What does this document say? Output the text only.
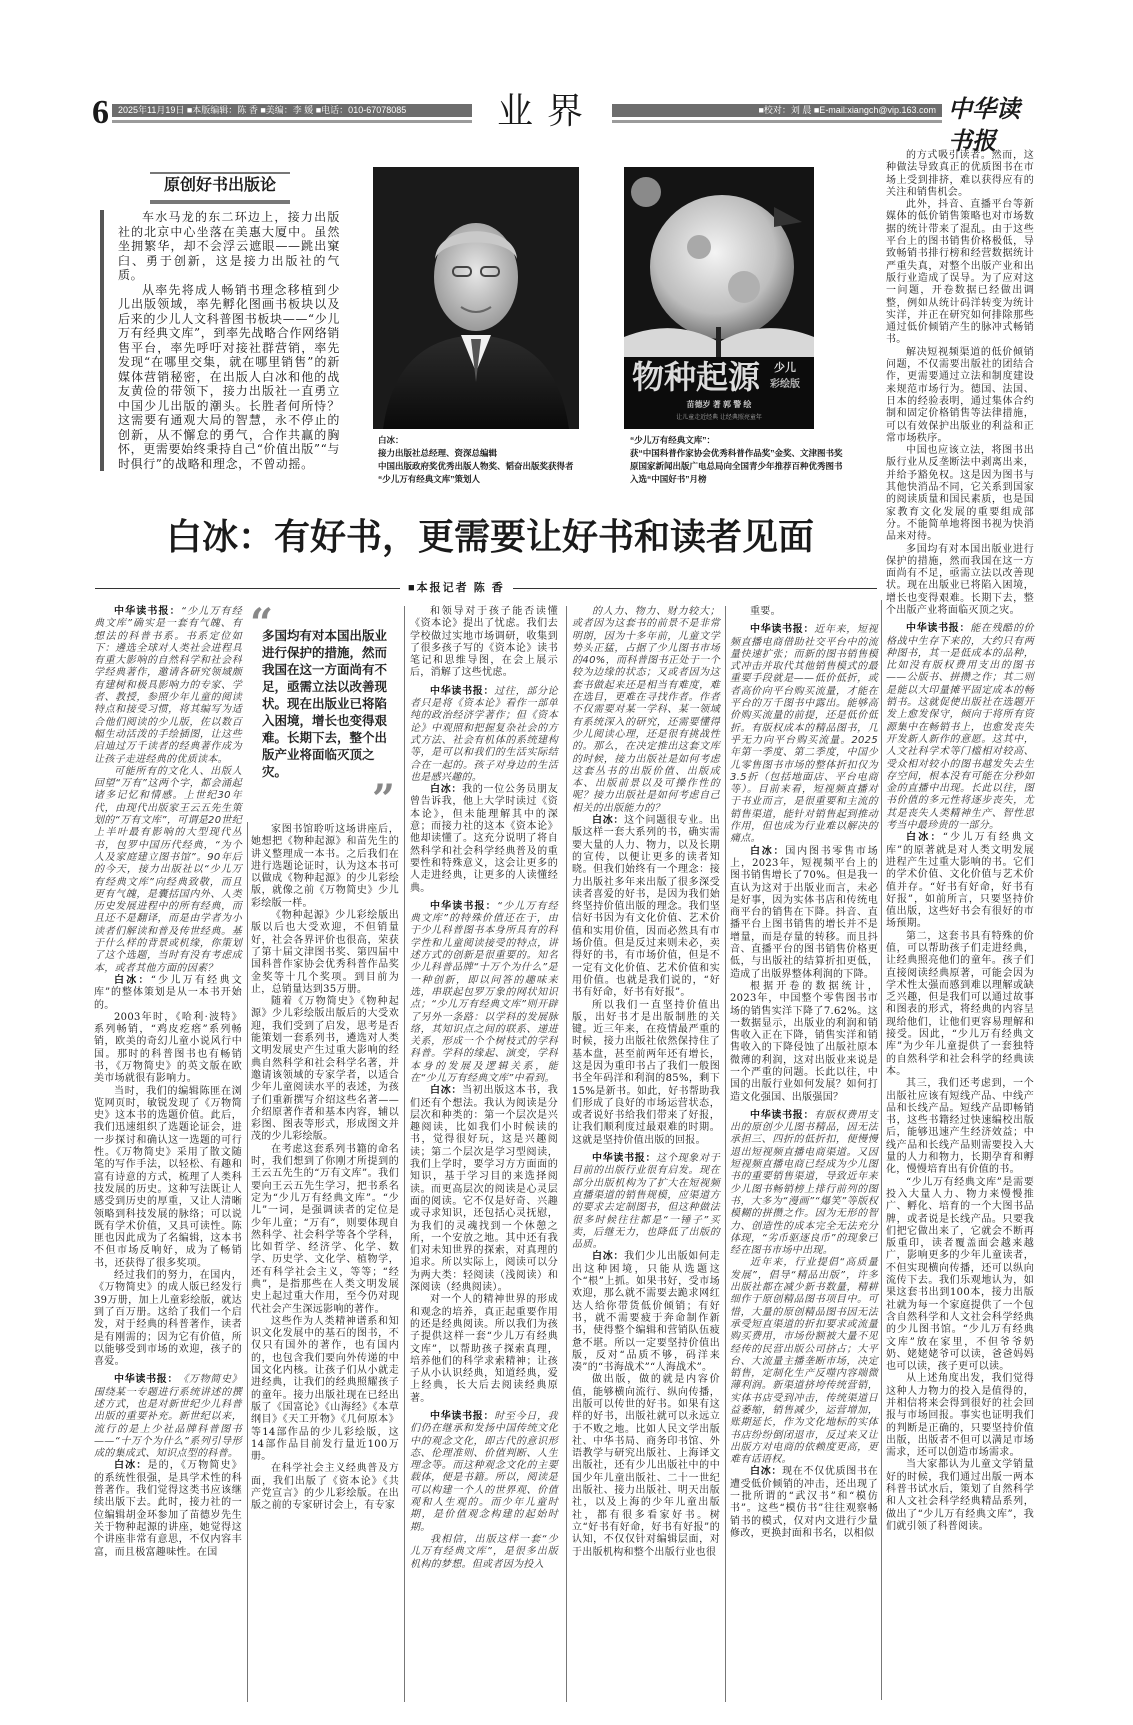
6	2025年11月19日 ■本版编辑：陈 香 ■美编：李 媛 ■电话：010-67078085	业界	■校对：刘 晨 ■E-mail:xiangch@vip.163.com 中华读书报
原创好书出版论

车水马龙的东二环边上，接力出版社的北京中心坐落在美惠大厦中。虽然坐拥繁华，却不会浮云遮眼——跳出窠臼、勇于创新，这是接力出版社的气质。

从率先将成人畅销书理念移植到少儿出版领域，率先孵化图画书板块以及后来的少儿人文科普图书板块——“少儿万有经典文库”，到率先战略合作网络销售平台，率先呼吁对接社群营销，率先发现“在哪里交集，就在哪里销售”的新媒体营销秘密，在出版人白冰和他的战友黄俭的带领下，接力出版社一直勇立中国少儿出版的潮头。长胜者何所恃？这需要有通观大局的智慧，永不停止的创新，从不懈怠的勇气，合作共赢的胸怀，更需要始终秉持自己“价值出版”“与时俱行”的战略和理念，不曾动摇。

白冰：
接力出版社总经理、资深总编辑
中国出版政府奖优秀出版人物奖、韬奋出版奖获得者
“少儿万有经典文库”策划人
物种起源 少儿
彩绘版
苗德岁 著 郭 警 绘
让儿童走近经典 让经典照亮童年
“少儿万有经典文库”：
获“中国科普作家协会优秀科普作品奖”金奖、文津图书奖
原国家新闻出版广电总局向全国青少年推荐百种优秀图书
入选“中国好书”月榜
白冰：有好书，更需要让好书和读者见面
■本报记者 陈 香
“
多国均有对本国出版业进行保护的措施，然而我国在这一方面尚有不足，亟需立法以改善现状。现在出版业已将陷入困境，增长也变得艰难。长期下去，整个出版产业将面临灭顶之灾。
”

中华读书报：“少儿万有经典文库”确实是一套有气魄、有想法的科普书系。书系定位如下：遴选全球对人类社会进程具有重大影响的自然科学和社会科学经典著作，邀请各研究领域颇有建树和极具影响力的专家、学者、教授，参照少年儿童的阅读特点和接受习惯，将其编写为适合他们阅读的少儿版，佐以数百幅生动活泼的手绘插图，让这些启迪过万千读者的经典著作成为让孩子走进经典的优质读本。

可能所有的文化人、出版人回望“万有”这两个字，都会涌起诸多记忆和情感。上世纪30年代，由现代出版家王云五先生策划的“万有文库”，可谓是20世纪上半叶最有影响的大型现代丛书，包罗中国历代经典，“为个人及家庭建立图书馆”。90年后的今天，接力出版社以“少儿万有经典文库”向经典致敬，而且更有气魄，是囊括国内外、人类历史发展进程中的所有经典，而且还不是翻译，而是由学者为小读者们解读和普及传世经典。基于什么样的背景或机缘，你策划了这个选题，当时有没有考虑成本，或者其他方面的因素？

白冰：“少儿万有经典文库”的整体策划是从一本书开始的。

2003年时，《哈利·波特》系列畅销，“鸡皮疙瘩”系列畅销，欧美的奇幻儿童小说风行中国。那时的科普图书也有畅销书，《万物简史》的英文版在欧美市场就很有影响力。

当时，我们的编辑陈匪在浏览网页时，敏锐发现了《万物简史》这本书的选题价值。此后，我们迅速组织了选题论证会，进一步探讨和确认这一选题的可行性。《万物简史》采用了散文随笔的写作手法，以轻松、有趣和富有诗意的方式，梳理了人类科技发展的历史。这种写法既让人感受到历史的厚重，又让人清晰领略到科技发展的脉络；可以说既有学术价值，又具可读性。陈匪也因此成为了名编辑，这本书不但市场反响好，成为了畅销书，还获得了很多奖项。

经过我们的努力，在国内，《万物简史》的成人版已经发行39万册，加上儿童彩绘版，就达到了百万册。这给了我们一个启发，对于经典的科普著作，读者是有刚需的；因为它有价值，所以能够受到市场的欢迎，孩子的喜爱。

中华读书报：《万物简史》围绕某一专题进行系统讲述的撰述方式，也是对新世纪少儿科普出版的重要补充。新世纪以来，流行的是上少社品牌科普图书——“十万个为什么”系列引导形成的集成式、知识点型的科普。

白冰：是的，《万物简史》的系统性很强，是具学术性的科普著作。我们觉得这类书应该继续出版下去。此时，接力社的一位编辑胡金环参加了苗德岁先生关于物种起源的讲座，她觉得这个讲座非常有意思，不仅内容丰富，而且极富趣味性。在国

家图书馆聆听这场讲座后，她想把《物种起源》和苗先生的讲义整理成一本书。之后我们在进行选题论证时，认为这本书可以做成《物种起源》的少儿彩绘版，就像之前《万物简史》少儿彩绘版一样。

《物种起源》少儿彩绘版出版以后也大受欢迎，不但销量好，社会各界评价也很高，荣获了第十届文津图书奖、第四届中国科普作家协会优秀科普作品奖金奖等十几个奖项。到目前为止，总销量达到35万册。

随着《万物简史》《物种起源》少儿彩绘版出版后的大受欢迎，我们受到了启发，思考是否能策划一套系列书，遴选对人类文明发展史产生过重大影响的经典自然科学和社会科学名著，并邀请该领域的专家学者，以适合少年儿童阅读水平的表述，为孩子们重新撰写介绍这些名著——介绍原著作者和基本内容，辅以彩图、图表等形式，形成图文并茂的少儿彩绘版。

在考虑这套系列书籍的命名时，我们想到了你刚才所提到的王云五先生的“万有文库”。我们要向王云五先生学习，把书系名定为“少儿万有经典文库”。“少儿”一词，是强调读者的定位是少年儿童；“万有”，则要体现自然科学、社会科学等各个学科，比如哲学、经济学、化学、数学、历史学、文化学、植物学，还有科学社会主义，等等；“经典”，是指那些在人类文明发展史上起过重大作用，至今仍对现代社会产生深远影响的著作。

这些作为人类精神谱系和知识文化发展中的基石的图书，不仅只有国外的著作，也有国内的，也包含我们要向外传递的中国文化内核。让孩子们从小就走进经典，让我们的经典照耀孩子的童年。接力出版社现在已经出版了《国富论》《山海经》《本草纲目》《天工开物》《几何原本》等14部作品的少儿彩绘版，这14部作品目前发行量近100万册。

在科学社会主义经典普及方面，我们出版了《资本论》《共产党宣言》的少儿彩绘版。在出版之前的专家研讨会上，有专家

和领导对于孩子能否读懂《资本论》提出了忧虑。我们去学校做过实地市场调研，收集到了很多孩子写的《资本论》读书笔记和思维导图，在会上展示后，消解了这些忧虑。

中华读书报：过往，部分论者只是将《资本论》看作一部单纯的政治经济学著作；但《资本论》中观照和把握复杂社会的方式方法、社会有机体的系统建构等，是可以和我们的生活实际结合在一起的。孩子对身边的生活也是感兴趣的。

白冰：我的一位公务员朋友曾告诉我，他上大学时读过《资本论》，但未能理解其中的深意；而接力社的这本《资本论》他却读懂了。这充分说明了将自然科学和社会科学经典普及的重要性和特殊意义，这会让更多的人走进经典，让更多的人读懂经典。

中华读书报：“少儿万有经典文库”的特殊价值还在于，由于少儿科普图书本身所具有的科学性和儿童阅读接受的特点，讲述方式的创新是很重要的。知名少儿科普品牌“十万个为什么”是一种创新，即以问答的趣味来选，串联起包罗万象的网状知识点；“少儿万有经典文库”则开辟了另外一条路：以学科的发展脉络，其知识点之间的联系、递进关系，形成一个个树枝式的学科科普。学科的缘起、演变，学科本身的发展及逻辑关系，能在“少儿万有经典文库”中看到。

白冰：当初出版这本书，我们还有个想法。我认为阅读是分层次和种类的：第一个层次是兴趣阅读，比如我们小时候读的书，觉得很好玩，这是兴趣阅读；第二个层次是学习型阅读，我们上学时，要学习方方面面的知识，基于学习目的来选择阅读。而更高层次的阅读是心灵层面的阅读。它不仅是好奇、兴趣或寻求知识，还包括心灵抚慰，为我们的灵魂找到一个休憩之所，一个安放之地。其中还有我们对未知世界的探索，对真理的追求。所以实际上，阅读可以分为两大类：轻阅读（浅阅读）和深阅读（经典阅读）。

对一个人的精神世界的形成和观念的培养，真正起重要作用的还是经典阅读。所以我们为孩子提供这样一套“少儿万有经典文库”，以帮助孩子探索真理，培养他们的科学求索精神；让孩子从小认识经典，知道经典，爱上经典，长大后去阅读经典原著。

中华读书报：时至今日，我们仍在继承和发扬中国传统文化中的观念文化，即古代的意识形态、伦理准则、价值判断、人生理念等。而这种观念文化的主要载体，便是书籍。所以，阅读是可以构建一个人的世界观、价值观和人生观的。而少年儿童时期，是价值观念构建的起始时期。

我相信，出版这样一套“少儿万有经典文库”，是很多出版机构的梦想。但或者因为投入

的人力、物力、财力较大；或者因为这套书的前景不是非常明朗，因为十多年前，儿童文学势头正猛，占据了少儿图书市场的40%，而科普图书正处于一个较为边缘的状态；又或者因为这套书做起来还是相当有难度，难在选目，更难在寻找作者。作者不仅需要对某一学科、某一领域有系统深入的研究，还需要懂得少儿阅读心理，还是很有挑战性的。那么，在决定推出这套文库的时候，接力出版社是如何考虑这套丛书的出版价值、出版成本、出版前景以及可操作性的呢？接力出版社是如何考虑自己相关的出版能力的？

白冰：这个问题很专业。出版这样一套大系列的书，确实需要大量的人力、物力，以及长期的宣传，以便让更多的读者知晓。但我们始终有一个理念：接力出版社多年来出版了很多深受读者喜爱的好书，是因为我们始终坚持价值出版的理念。我们坚信好书因为有文化价值、艺术价值和实用价值，因而必然具有市场价值。但是反过来则未必，卖得好的书，有市场价值，但是不一定有文化价值、艺术价值和实用价值。也就是我们说的，“好书有好命，好书有好报”。

所以我们一直坚持价值出版，出好书才是出版制胜的关键。近三年来，在疫情最严重的时候，接力出版社依然保持住了基本盘，甚至前两年还有增长，这是因为重印书占了我们一般图书全年码洋和利润的85%，剩下15%是新书。如此，好书帮助我们形成了良好的市场运营状态，或者说好书给我们带来了好报，让我们顺利度过最艰难的时期。这就是坚持价值出版的回报。

中华读书报：这个现象对于目前的出版行业很有启发。现在部分出版机构为了扩大在短视频直播渠道的销售规模，应渠道方的要求去定制图书，但这种做法很多时候往往都是“一锤子”买卖，后继无力，也降低了出版的品质。

白冰：我们少儿出版如何走出这种困境，只能从选题这个“根”上抓。如果书好，受市场欢迎，那么就不需要去跪求网红达人给你带货低价倾销；有好书，就不需要疲于奔命制作新书，使得整个编辑和营销队伍疲惫不堪。所以一定要坚持价值出版，反对“品质不够，码洋来凑”的“书海战术”“人海战术”。

做出版，做的就是内容价值，能够横向流行、纵向传播，出版可以传世的好书。如果有这样的好书，出版社就可以永远立于不败之地。比如人民文学出版社、中华书局、商务印书馆、外语教学与研究出版社、上海译文出版社，还有少儿出版社中的中国少年儿童出版社、二十一世纪出版社、接力出版社、明天出版社，以及上海的少年儿童出版社，都有很多看家好书。树立“好书有好命，好书有好报”的认知，不仅仅针对编辑层面，对于出版机构和整个出版行业也很

重要。

中华读书报：近年来，短视频直播电商借助社交平台中的流量快速扩张；而新的图书销售模式冲击并取代其他销售模式的最重要手段就是——低价低折，或者高价向平台购买流量，才能在平台的万千图书中露出。能够高价购买流量的前提，还是低价低折。有版权成本的精品图书，几乎无力向平台购买流量。2025年第一季度、第二季度，中国少儿零售图书市场的整体折扣仅为3.5折（包括地面店、平台电商等）。目前来看，短视频直播对于书业而言，是很重要和主流的销售渠道，能针对销售起到推动作用，但也成为行业难以解决的痛点。

白冰：国内图书零售市场上，2023年，短视频平台上的图书销售增长了70%。但是我一直认为这对于出版业而言，未必是好事，因为实体书店和传统电商平台的销售在下降。抖音、直播平台上图书销售的增长并不是增量，而是存量的转移。而且抖音、直播平台的图书销售价格更低，与出版社的结算折扣更低，造成了出版界整体利润的下降。

根据开卷的数据统计，2023年，中国整个零售图书市场的销售实洋下降了7.62%。这一数据显示，出版业的利润和销售收入正在下降，销售实洋和销售收入的下降侵蚀了出版社原本微薄的利润，这对出版业来说是一个严重的问题。长此以往，中国的出版行业如何发展？如何打造文化强国、出版强国？

中华读书报：有版权费用支出的原创少儿图书精品，因无法承担三、四折的低折扣，便慢慢退出短视频直播电商渠道。又因短视频直播电商已经成为少儿图书的重要销售渠道，导致近年来少儿图书畅销榜上排行前列的图书，大多为“漫画”“爆笑”等版权模糊的拼攒之作。因为无形的智力、创造性的成本完全无法充分体现，“劣币驱逐良币”的现象已经在图书市场中出现。

近年来，行业提倡“高质量发展”，倡导“精品出版”，许多出版社都在减少新书数量，精耕细作于原创精品图书项目中。可惜，大量的原创精品图书因无法承受短直渠道的折扣要求或流量购买费用，市场份额被大量不见经传的民营出版公司挤占；大平台、大流量主播垄断市场，决定销售，定制化生产反噬内容端微薄利润。新渠道挤垮传统营销，实体书店受到冲击，传统渠道日益萎缩，销售减少，运营增加，账期延长，作为文化地标的实体书店纷纷倒闭退市，反过来又让出版方对电商的依赖度更高，更难有话语权。

白冰：现在不仅优质图书在遭受低价倾销的冲击，还出现了一批所谓的“武汉书”和“模仿书”。这些“模仿书”往往观察畅销书的模式，仅对内文进行少量修改，更换封面和书名，以相似

的方式吸引读者。然而，这种做法导致真正的优质图书在市场上受到排挤，难以获得应有的关注和销售机会。

此外，抖音、直播平台等新媒体的低价销售策略也对市场数据的统计带来了混乱。由于这些平台上的图书销售价格极低，导致畅销书排行榜和经营数据统计严重失真，对整个出版产业和出版行业造成了误导。为了应对这一问题，开卷数据已经做出调整，例如从统计码洋转变为统计实洋，并正在研究如何排除那些通过低价倾销产生的脉冲式畅销书。

解决短视频渠道的低价倾销问题，不仅需要出版社的团结合作，更需要通过立法和制度建设来规范市场行为。德国、法国、日本的经验表明，通过集体合约制和固定价格销售等法律措施，可以有效保护出版业的利益和正常市场秩序。

中国也应该立法，将图书出版行业从反垄断法中剥离出来，并给予豁免权。这是因为图书与其他快消品不同，它关系到国家的阅读质量和国民素质，也是国家教育文化发展的重要组成部分。不能简单地将图书视为快消品来对待。

多国均有对本国出版业进行保护的措施，然而我国在这一方面尚有不足，亟需立法以改善现状。现在出版业已将陷入困境，增长也变得艰难。长期下去，整个出版产业将面临灭顶之灾。

中华读书报：能在残酷的价格战中生存下来的，大约只有两种图书，其一是低成本的品种，比如没有版权费用支出的图书——公版书、拼攒之作；其二则是能以大印量摊平固定成本的畅销书。这就促使出版社在选题开发上愈发保守，倾向于将所有资源集中在畅销书上，也愈发丧失开发新人新作的意愿。这其中，人文社科学术等门槛相对较高、受众相对较小的图书越发失去生存空间，根本没有可能在分秒如金的直播中出现。长此以往，图书价值的多元性将逐步丧失，尤其是丧失人类精神生产、智性思考当中最珍贵的一部分。

白冰：“少儿万有经典文库”的原著就是对人类文明发展进程产生过重大影响的书。它们的学术价值、文化价值与艺术价值并存。“好书有好命，好书有好报”，如前所言，只要坚持价值出版，这些好书会有很好的市场预期。

第二，这套书具有特殊的价值，可以帮助孩子们走进经典，让经典照亮他们的童年。孩子们直接阅读经典原著，可能会因为学术性太强而感到难以理解或缺乏兴趣，但是我们可以通过故事和图表的形式，将经典的内容呈现给他们，让他们更容易理解和接受。因此，“少儿万有经典文库”为少年儿童提供了一套独特的自然科学和社会科学的经典读本。

其三，我们还考虑到，一个出版社应该有短线产品、中线产品和长线产品。短线产品即畅销书，这些书籍经过快速编校出版后，能够迅速产生经济效益；中线产品和长线产品则需要投入大量的人力和物力，长期孕育和孵化，慢慢培育出有价值的书。

“少儿万有经典文库”是需要投入大量人力、物力来慢慢推广、孵化、培育的一个大图书品牌，或者说是长线产品。只要我们把它做出来了，它就会不断再版重印，读者覆盖面会越来越广，影响更多的少年儿童读者，不但实现横向传播，还可以纵向流传下去。我们乐观地认为，如果这套书出到100本，接力出版社就为每一个家庭提供了一个包含自然科学和人文社会科学经典的少儿图书馆。“少儿万有经典文库”放在家里，不但爷爷奶奶、姥姥姥爷可以读，爸爸妈妈也可以读，孩子更可以读。

从上述角度出发，我们觉得这种人力物力的投入是值得的，并相信将来会得到很好的社会回报与市场回报。事实也证明我们的判断是正确的，只要坚持价值出版，出版者不但可以满足市场需求，还可以创造市场需求。

当大家都认为儿童文学销量好的时候，我们通过出版一两本科普书试水后，策划了自然科学和人文社会科学经典精品系列，做出了“少儿万有经典文库”，我们就引领了科普阅读。
